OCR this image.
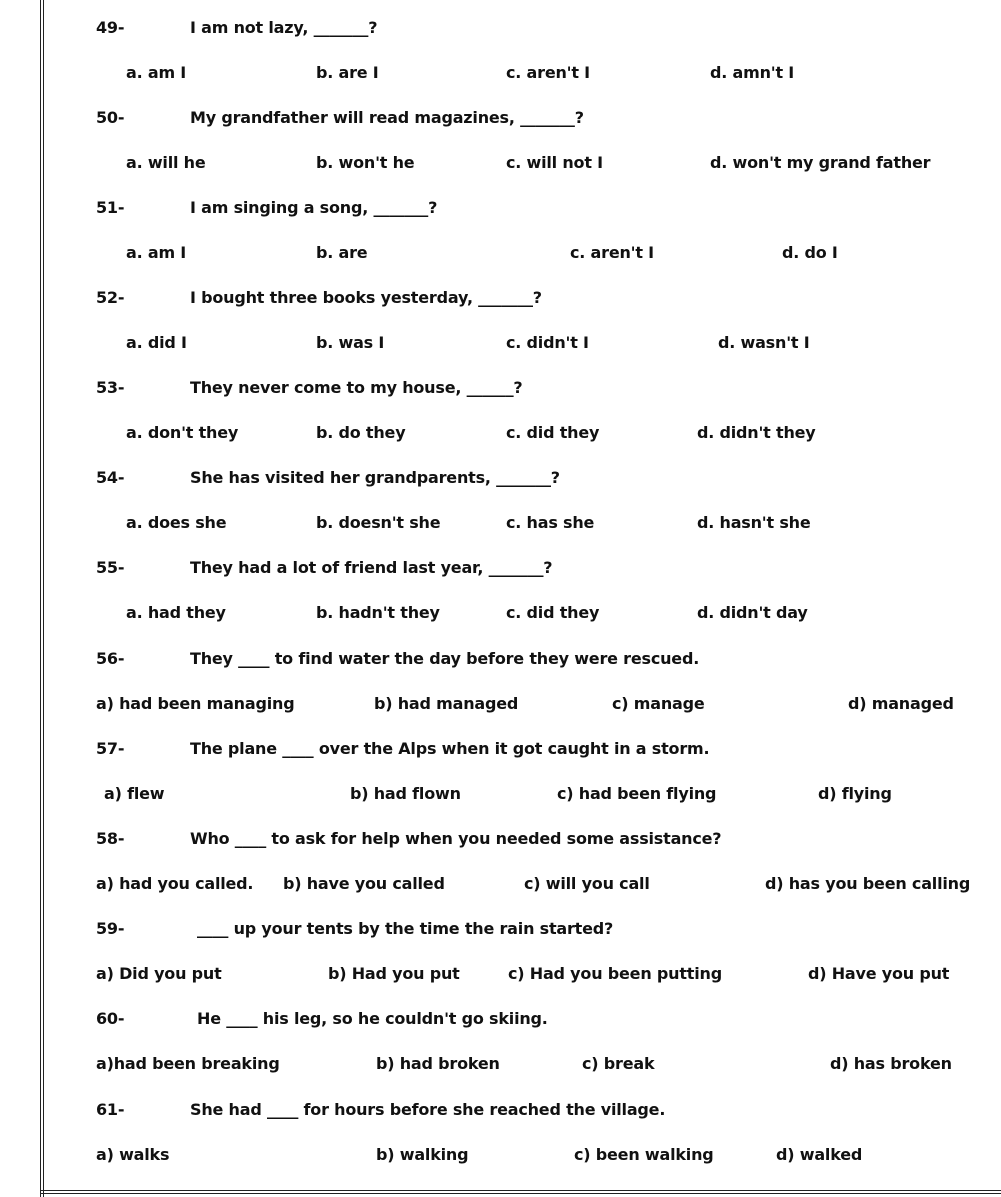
49-	I am not lazy, _______?
a. am I	b. are I	c. aren't I	d. amn't I
50-	My grandfather will read magazines, _______?
a. will he	b. won't he	c. will not I	d. won't my grand father
51-	I am singing a song, _______?
a. am I	b. are	c. aren't I	d. do I
52-	I bought three books yesterday, _______?
a. did I	b. was I	c. didn't I	d. wasn't I
53-	They never come to my house, ______?
a. don't they	b. do they	c. did they	d. didn't they
54-	She has visited her grandparents, _______?
a. does she	b. doesn't she	c. has she	d. hasn't she
55-	They had a lot of friend last year, _______?
a. had they	b. hadn't they	c. did they	d. didn't day
56-	They ____ to find water the day before they were rescued.
a) had been managing	b) had managed	c) manage	d) managed
57-	The plane ____ over the Alps when it got caught in a storm.
a) flew	b) had flown	c) had been flying	d) flying
58-	Who ____ to ask for help when you needed some assistance?
a) had you called. b) have you called	c) will you call	d) has you been calling
59-	____ up your tents by the time the rain started?
a) Did you put	b) Had you put	c) Had you been putting	d) Have you put
60-	He ____ his leg, so he couldn't go skiing.
a)had been breaking	b) had broken	c) break	d) has broken
61-	She had ____ for hours before she reached the village.
a) walks	b) walking	c) been walking	d) walked
